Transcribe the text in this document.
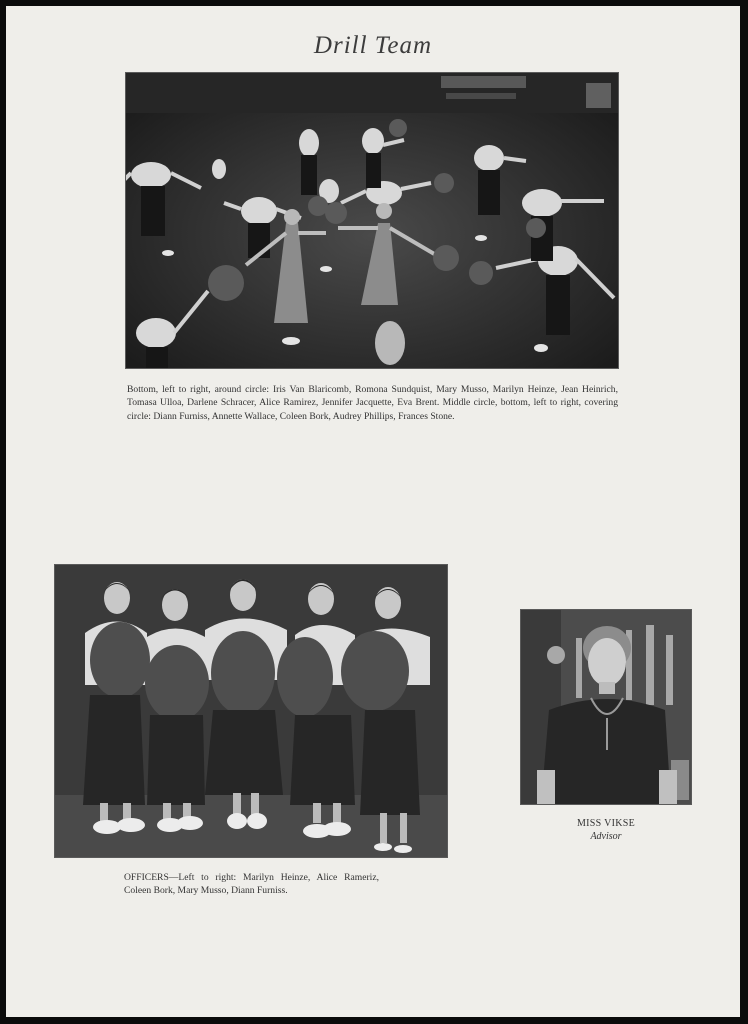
Drill Team
Bottom, left to right, around circle: Iris Van Blaricomb, Romona Sundquist, Mary Musso, Marilyn Heinze, Jean Heinrich, Tomasa Ulloa, Darlene Schracer, Alice Ramirez, Jennifer Jacquette, Eva Brent. Middle circle, bottom, left to right, covering circle: Diann Furniss, Annette Wallace, Coleen Bork, Audrey Phillips, Frances Stone.
OFFICERS—Left to right: Marilyn Heinze, Alice Rameriz, Coleen Bork, Mary Musso, Diann Furniss.
MISS VIKSE
Advisor
